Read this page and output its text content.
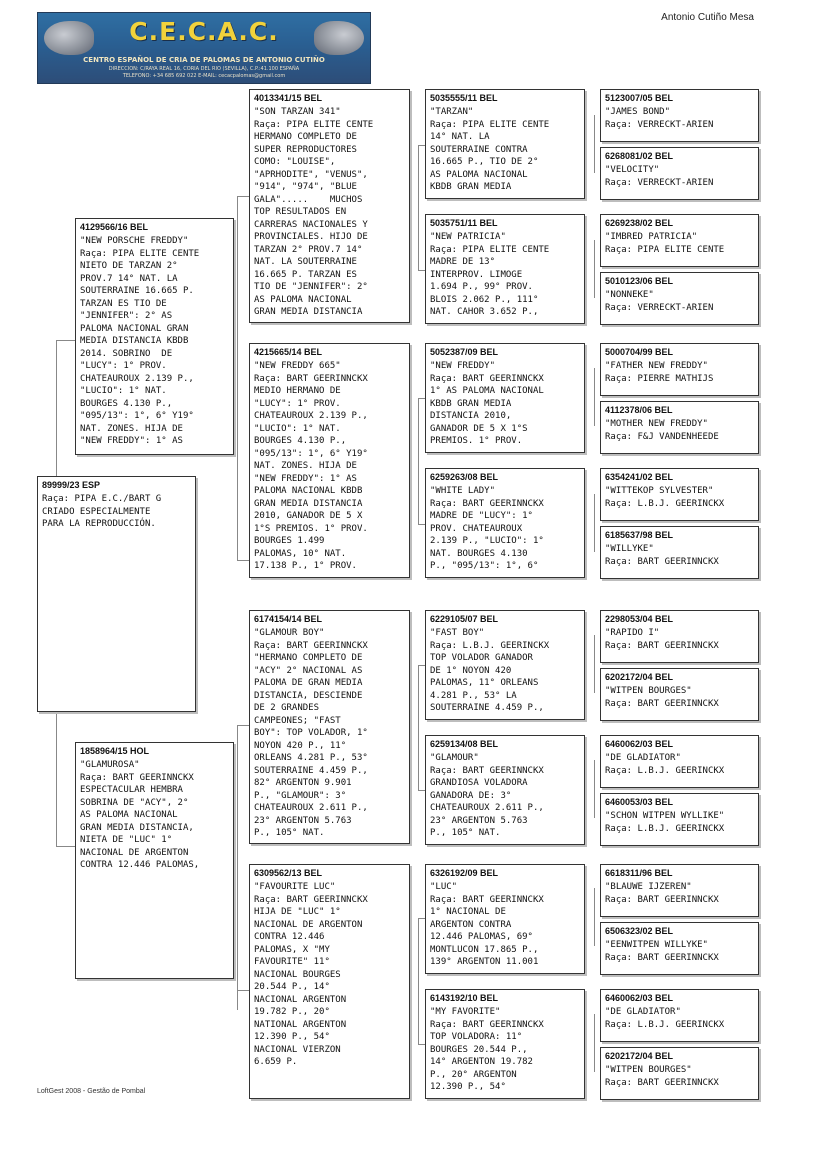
C.E.C.A.C.
CENTRO ESPAÑOL DE CRIA DE PALOMAS DE ANTONIO CUTIÑO
DIRECCION: C/RAYA REAL 16, CORIA DEL RIO (SEVILLA), C.P.:41.100 ESPAÑA
TELEFONO: +34 685 692 022 E-MAIL: cecacpalomas@gmail.com
Antonio Cutiño Mesa
89999/23 ESP
Raça: PIPA E.C./BART G
CRIADO ESPECIALMENTE
PARA LA REPRODUCCIÓN.
4129566/16 BEL
"NEW PORSCHE FREDDY"
Raça: PIPA ELITE CENTE
NIETO DE TARZAN 2°
PROV.7 14° NAT. LA
SOUTERRAINE 16.665 P.
TARZAN ES TIO DE
"JENNIFER": 2° AS
PALOMA NACIONAL GRAN
MEDIA DISTANCIA KBDB
2014. SOBRINO  DE
"LUCY": 1° PROV.
CHATEAUROUX 2.139 P.,
"LUCIO": 1° NAT.
BOURGES 4.130 P.,
"095/13": 1°, 6° Y19°
NAT. ZONES. HIJA DE
"NEW FREDDY": 1° AS
1858964/15 HOL
"GLAMUROSA"
Raça: BART GEERINNCKX
ESPECTACULAR HEMBRA
SOBRINA DE "ACY", 2°
AS PALOMA NACIONAL
GRAN MEDIA DISTANCIA,
NIETA DE "LUC" 1°
NACIONAL DE ARGENTON
CONTRA 12.446 PALOMAS,
4013341/15 BEL
"SON TARZAN 341"
Raça: PIPA ELITE CENTE
HERMANO COMPLETO DE
SUPER REPRODUCTORES
COMO: "LOUISE",
"APRHODITE", "VENUS",
"914", "974", "BLUE
GALA".....    MUCHOS
TOP RESULTADOS EN
CARRERAS NACIONALES Y
PROVINCIALES. HIJO DE
TARZAN 2° PROV.7 14°
NAT. LA SOUTERRAINE
16.665 P. TARZAN ES
TIO DE "JENNIFER": 2°
AS PALOMA NACIONAL
GRAN MEDIA DISTANCIA
4215665/14 BEL
"NEW FREDDY 665"
Raça: BART GEERINNCKX
MEDIO HERMANO DE
"LUCY": 1° PROV.
CHATEAUROUX 2.139 P.,
"LUCIO": 1° NAT.
BOURGES 4.130 P.,
"095/13": 1°, 6° Y19°
NAT. ZONES. HIJA DE
"NEW FREDDY": 1° AS
PALOMA NACIONAL KBDB
GRAN MEDIA DISTANCIA
2010, GANADOR DE 5 X
1°S PREMIOS. 1° PROV.
BOURGES 1.499
PALOMAS, 10° NAT.
17.138 P., 1° PROV.
6174154/14 BEL
"GLAMOUR BOY"
Raça: BART GEERINNCKX
"HERMANO COMPLETO DE
"ACY" 2° NACIONAL AS
PALOMA DE GRAN MEDIA
DISTANCIA, DESCIENDE
DE 2 GRANDES
CAMPEONES; "FAST
BOY": TOP VOLADOR, 1°
NOYON 420 P., 11°
ORLEANS 4.281 P., 53°
SOUTERRAINE 4.459 P.,
82° ARGENTON 9.901
P., "GLAMOUR": 3°
CHATEAUROUX 2.611 P.,
23° ARGENTON 5.763
P., 105° NAT.
6309562/13 BEL
"FAVOURITE LUC"
Raça: BART GEERINNCKX
HIJA DE "LUC" 1°
NACIONAL DE ARGENTON
CONTRA 12.446
PALOMAS, X "MY
FAVOURITE" 11°
NACIONAL BOURGES
20.544 P., 14°
NACIONAL ARGENTON
19.782 P., 20°
NATIONAL ARGENTON
12.390 P., 54°
NACIONAL VIERZON
6.659 P.
5035555/11 BEL
"TARZAN"
Raça: PIPA ELITE CENTE
14° NAT. LA
SOUTERRAINE CONTRA
16.665 P., TIO DE 2°
AS PALOMA NACIONAL
KBDB GRAN MEDIA
5035751/11 BEL
"NEW PATRICIA"
Raça: PIPA ELITE CENTE
MADRE DE 13°
INTERPROV. LIMOGE
1.694 P., 99° PROV.
BLOIS 2.062 P., 111°
NAT. CAHOR 3.652 P.,
5052387/09 BEL
"NEW FREDDY"
Raça: BART GEERINNCKX
1° AS PALOMA NACIONAL
KBDB GRAN MEDIA
DISTANCIA 2010,
GANADOR DE 5 X 1°S
PREMIOS. 1° PROV.
6259263/08 BEL
"WHITE LADY"
Raça: BART GEERINNCKX
MADRE DE "LUCY": 1°
PROV. CHATEAUROUX
2.139 P., "LUCIO": 1°
NAT. BOURGES 4.130
P., "095/13": 1°, 6°
6229105/07 BEL
"FAST BOY"
Raça: L.B.J. GEERINCKX
TOP VOLADOR GANADOR
DE 1° NOYON 420
PALOMAS, 11° ORLEANS
4.281 P., 53° LA
SOUTERRAINE 4.459 P.,
6259134/08 BEL
"GLAMOUR"
Raça: BART GEERINNCKX
GRANDIOSA VOLADORA
GANADORA DE: 3°
CHATEAUROUX 2.611 P.,
23° ARGENTON 5.763
P., 105° NAT.
6326192/09 BEL
"LUC"
Raça: BART GEERINNCKX
1° NACIONAL DE
ARGENTON CONTRA
12.446 PALOMAS, 69°
MONTLUCON 17.865 P.,
139° ARGENTON 11.001
6143192/10 BEL
"MY FAVORITE"
Raça: BART GEERINNCKX
TOP VOLADORA: 11°
BOURGES 20.544 P.,
14° ARGENTON 19.782
P., 20° ARGENTON
12.390 P., 54°
5123007/05 BEL
"JAMES BOND"
Raça: VERRECKT-ARIEN
6268081/02 BEL
"VELOCITY"
Raça: VERRECKT-ARIEN
6269238/02 BEL
"IMBRED PATRICIA"
Raça: PIPA ELITE CENTE
5010123/06 BEL
"NONNEKE"
Raça: VERRECKT-ARIEN
5000704/99 BEL
"FATHER NEW FREDDY"
Raça: PIERRE MATHIJS
4112378/06 BEL
"MOTHER NEW FREDDY"
Raça: F&J VANDENHEEDE
6354241/02 BEL
"WITTEKOP SYLVESTER"
Raça: L.B.J. GEERINCKX
6185637/98 BEL
"WILLYKE"
Raça: BART GEERINNCKX
2298053/04 BEL
"RAPIDO I"
Raça: BART GEERINNCKX
6202172/04 BEL
"WITPEN BOURGES"
Raça: BART GEERINNCKX
6460062/03 BEL
"DE GLADIATOR"
Raça: L.B.J. GEERINCKX
6460053/03 BEL
"SCHON WITPEN WYLLIKE"
Raça: L.B.J. GEERINCKX
6618311/96 BEL
"BLAUWE IJZEREN"
Raça: BART GEERINNCKX
6506323/02 BEL
"EENWITPEN WILLYKE"
Raça: BART GEERINNCKX
6460062/03 BEL
"DE GLADIATOR"
Raça: L.B.J. GEERINCKX
6202172/04 BEL
"WITPEN BOURGES"
Raça: BART GEERINNCKX
LoftGest 2008 - Gestão de Pombal
